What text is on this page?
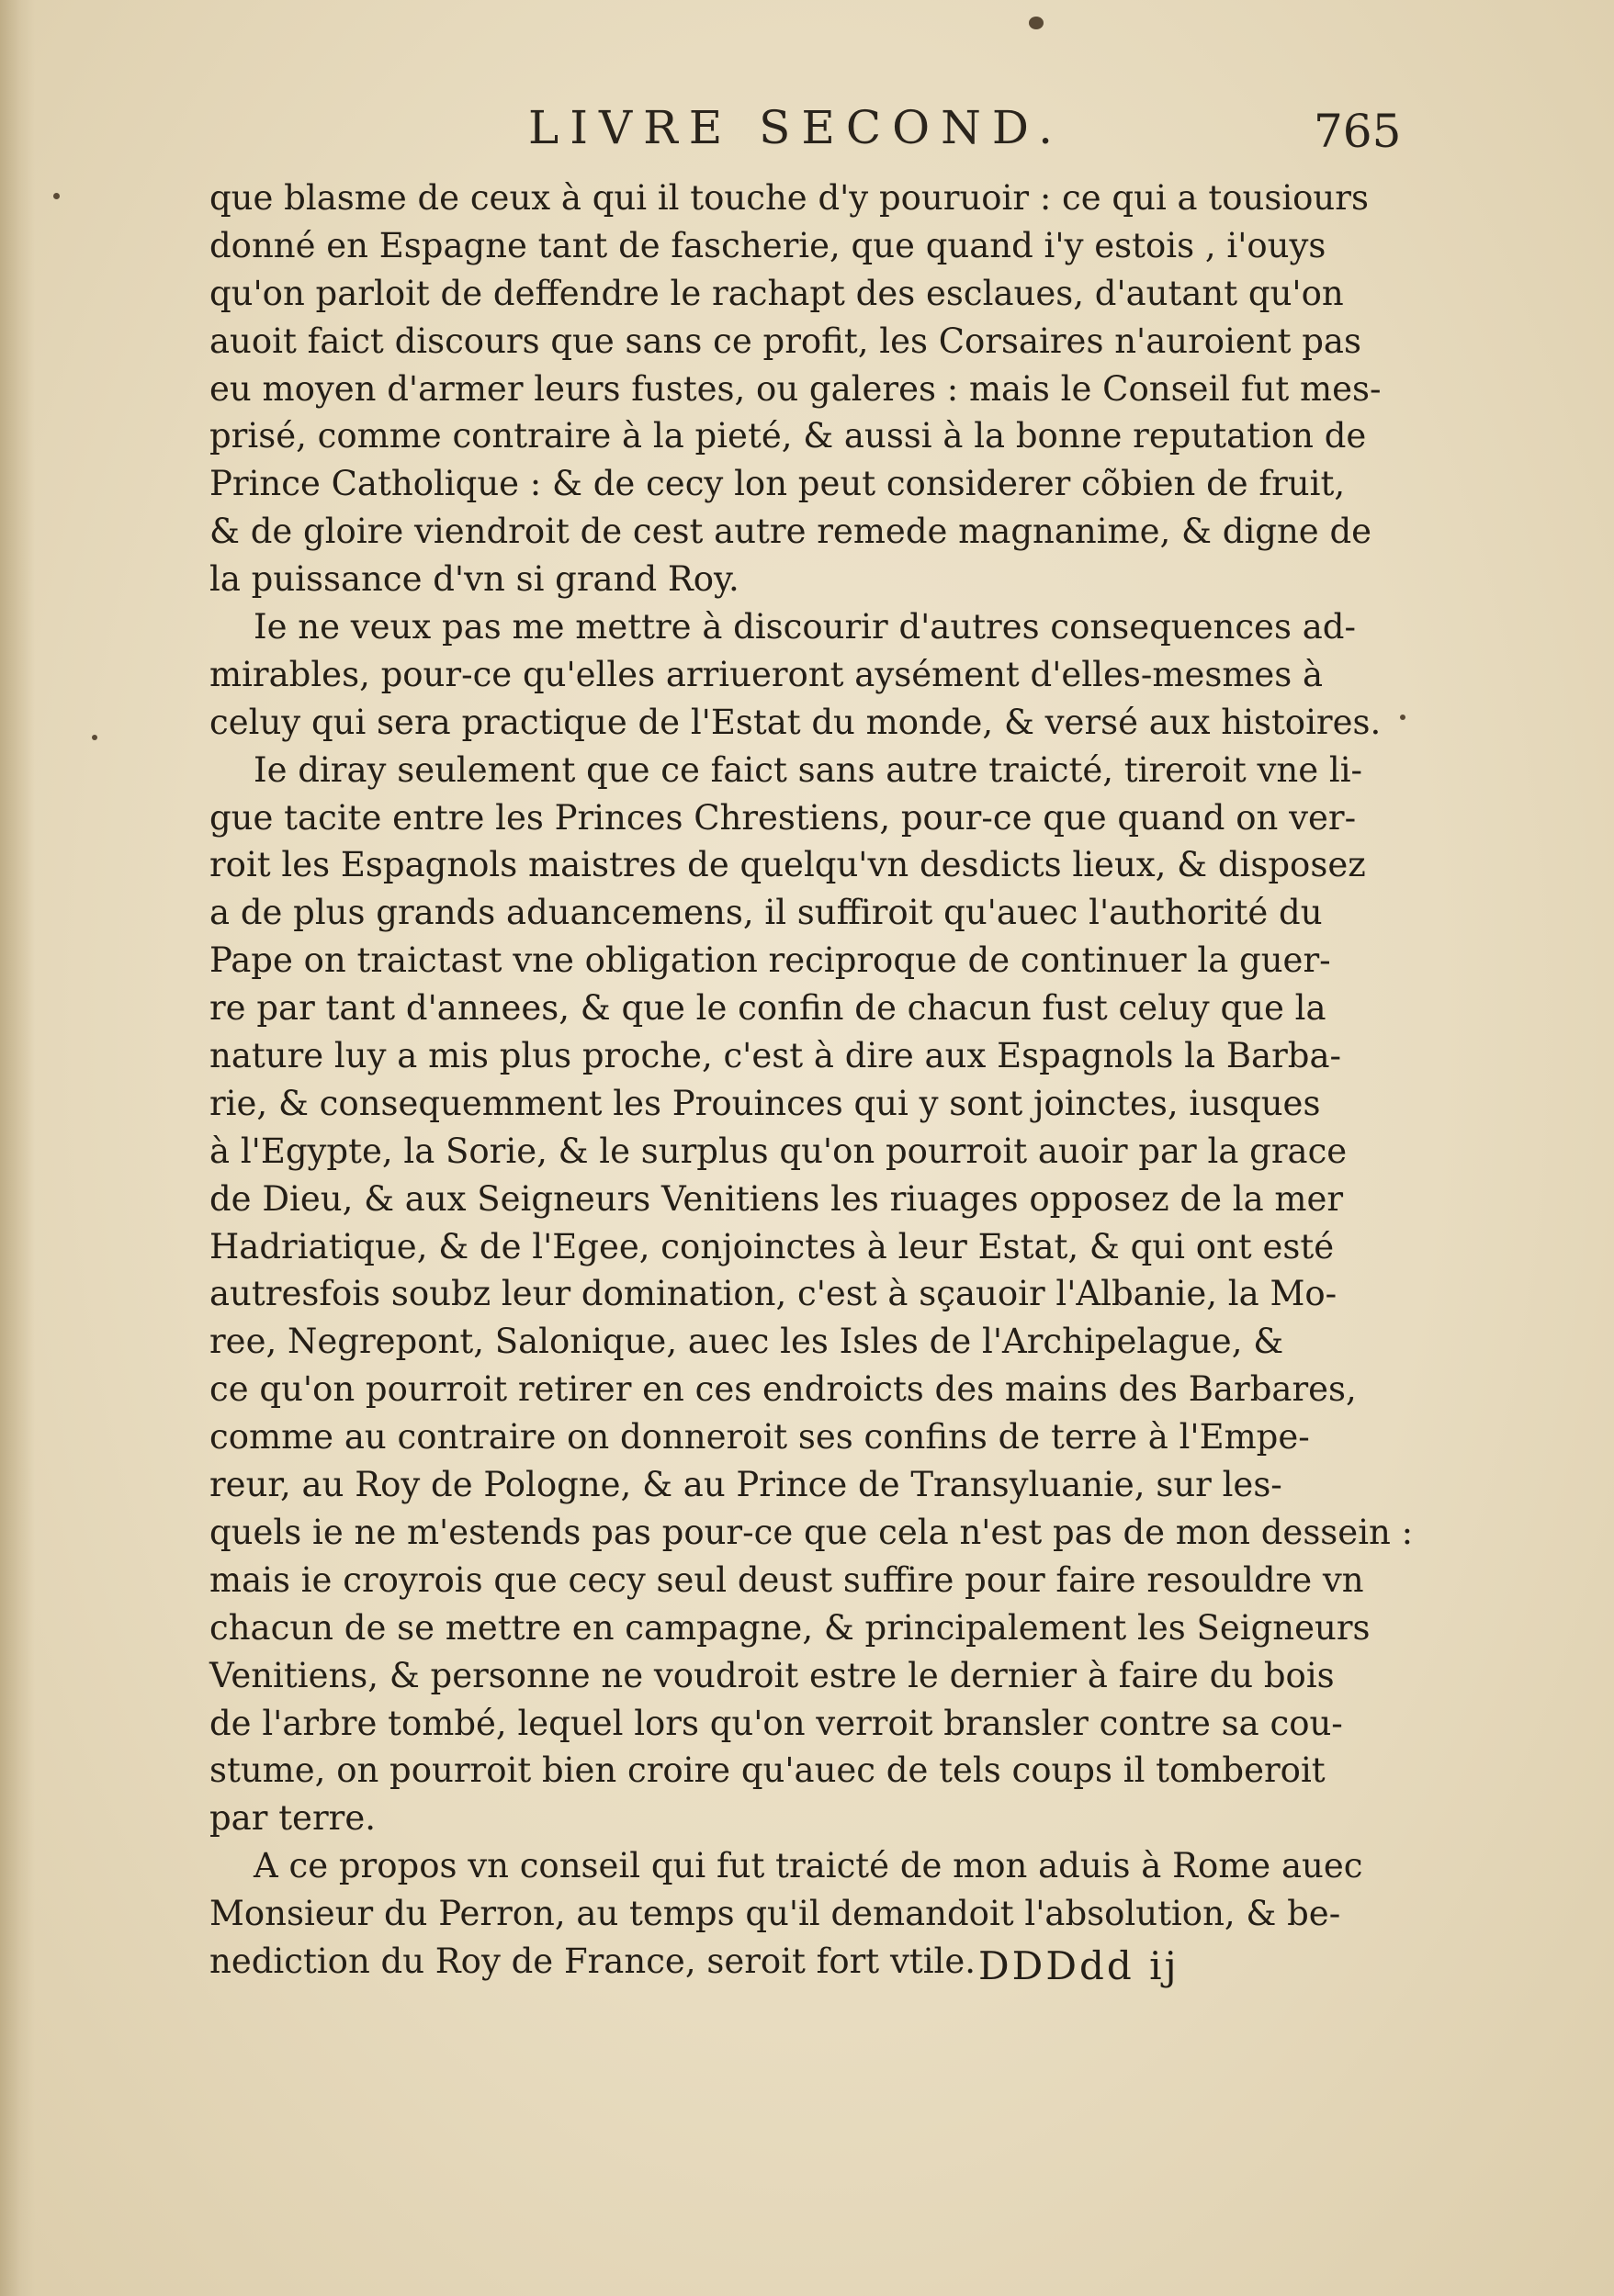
LIVRE SECOND.	765
que blasme de ceux à qui il touche d'y pouruoir : ce qui a tousiours
donné en Espagne tant de fascherie, que quand i'y estois , i'ouys
qu'on parloit de deffendre le rachapt des esclaues, d'autant qu'on
auoit faict discours que sans ce profit, les Corsaires n'auroient pas
eu moyen d'armer leurs fustes, ou galeres : mais le Conseil fut mes-
prisé, comme contraire à la pieté, & aussi à la bonne reputation de
Prince Catholique : & de cecy lon peut considerer cõbien de fruit,
& de gloire viendroit de cest autre remede magnanime, & digne de
la puissance d'vn si grand Roy.
Ie ne veux pas me mettre à discourir d'autres consequences ad-
mirables, pour-ce qu'elles arriueront aysément d'elles-mesmes à
celuy qui sera practique de l'Estat du monde, & versé aux histoires.
Ie diray seulement que ce faict sans autre traicté, tireroit vne li-
gue tacite entre les Princes Chrestiens, pour-ce que quand on ver-
roit les Espagnols maistres de quelqu'vn desdicts lieux, & disposez
a de plus grands aduancemens, il suffiroit qu'auec l'authorité du
Pape on traictast vne obligation reciproque de continuer la guer-
re par tant d'annees, & que le confin de chacun fust celuy que la
nature luy a mis plus proche, c'est à dire aux Espagnols la Barba-
rie, & consequemment les Prouinces qui y sont joinctes, iusques
à l'Egypte, la Sorie, & le surplus qu'on pourroit auoir par la grace
de Dieu, & aux Seigneurs Venitiens les riuages opposez de la mer
Hadriatique, & de l'Egee, conjoinctes à leur Estat, & qui ont esté
autresfois soubz leur domination, c'est à sçauoir l'Albanie, la Mo-
ree, Negrepont, Salonique, auec les Isles de l'Archipelague, &
ce qu'on pourroit retirer en ces endroicts des mains des Barbares,
comme au contraire on donneroit ses confins de terre à l'Empe-
reur, au Roy de Pologne, & au Prince de Transyluanie, sur les-
quels ie ne m'estends pas pour-ce que cela n'est pas de mon dessein :
mais ie croyrois que cecy seul deust suffire pour faire resouldre vn
chacun de se mettre en campagne, & principalement les Seigneurs
Venitiens, & personne ne voudroit estre le dernier à faire du bois
de l'arbre tombé, lequel lors qu'on verroit bransler contre sa cou-
stume, on pourroit bien croire qu'auec de tels coups il tomberoit
par terre.
A ce propos vn conseil qui fut traicté de mon aduis à Rome auec
Monsieur du Perron, au temps qu'il demandoit l'absolution, & be-
nediction du Roy de France, seroit fort vtile. DDDdd ij
